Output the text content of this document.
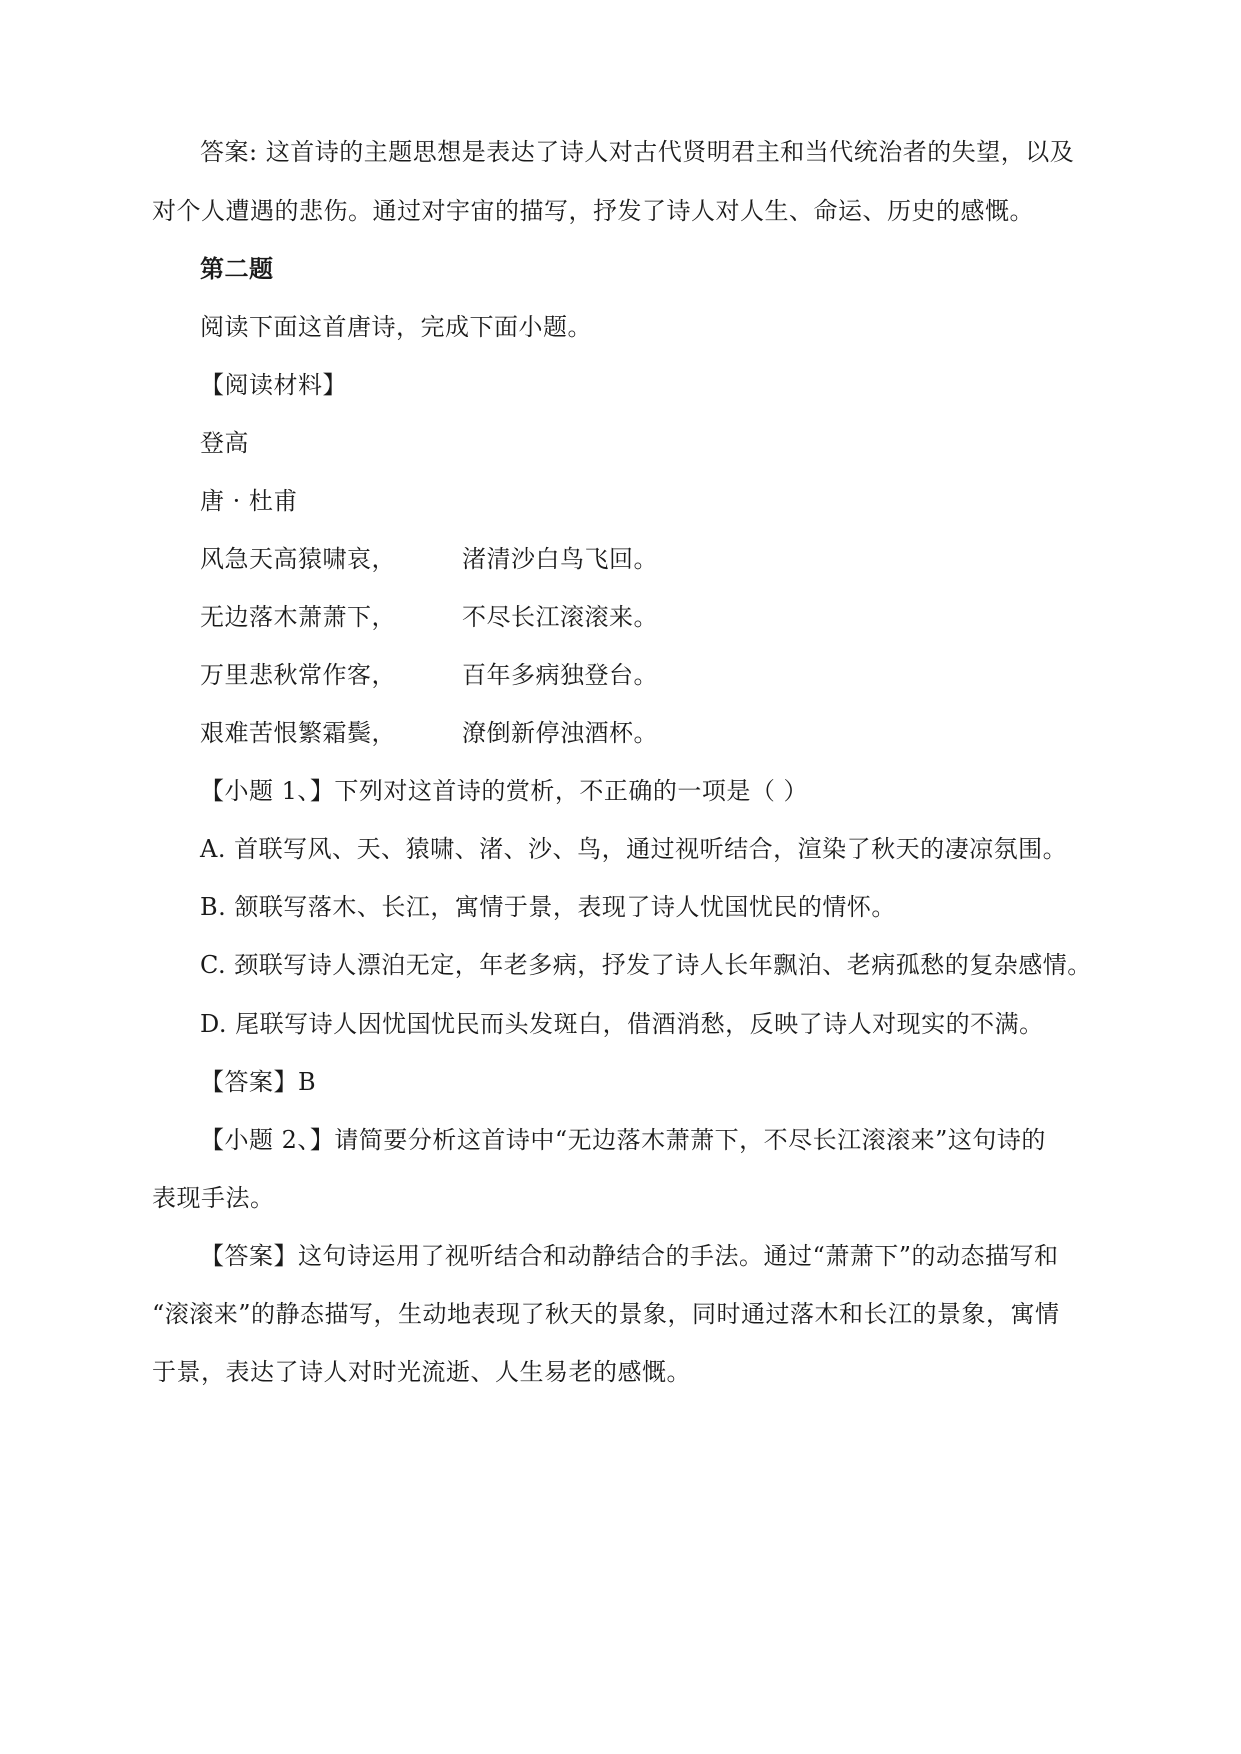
答案: 这首诗的主题思想是表达了诗人对古代贤明君主和当代统治者的失望，以及
对个人遭遇的悲伤。通过对宇宙的描写，抒发了诗人对人生、命运、历史的感慨。
第二题
阅读下面这首唐诗，完成下面小题。
【阅读材料】
登高
唐 · 杜甫
风急天高猿啸哀，	渚清沙白鸟飞回。
无边落木萧萧下，	不尽长江滚滚来。
万里悲秋常作客，	百年多病独登台。
艰难苦恨繁霜鬓，	潦倒新停浊酒杯。
【小题 1、】下列对这首诗的赏析，不正确的一项是（ ）
A. 首联写风、天、猿啸、渚、沙、鸟，通过视听结合，渲染了秋天的凄凉氛围。
B. 颔联写落木、长江，寓情于景，表现了诗人忧国忧民的情怀。
C. 颈联写诗人漂泊无定，年老多病，抒发了诗人长年飘泊、老病孤愁的复杂感情。
D. 尾联写诗人因忧国忧民而头发斑白，借酒消愁，反映了诗人对现实的不满。
【答案】B
【小题 2、】请简要分析这首诗中“无边落木萧萧下，不尽长江滚滚来”这句诗的
表现手法。
【答案】这句诗运用了视听结合和动静结合的手法。通过“萧萧下”的动态描写和
“滚滚来”的静态描写，生动地表现了秋天的景象，同时通过落木和长江的景象，寓情
于景，表达了诗人对时光流逝、人生易老的感慨。
